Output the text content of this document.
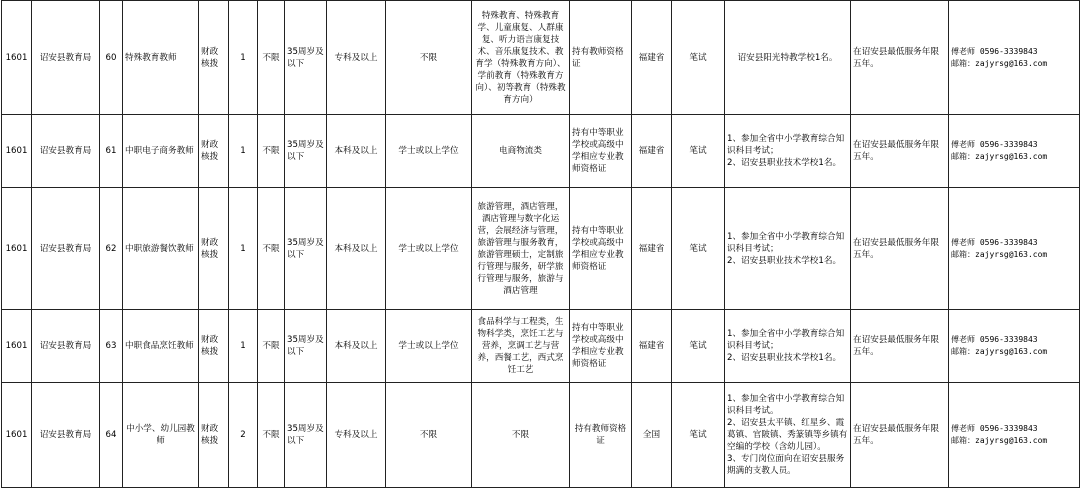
1601	诏安县教育局	60	特殊教育教师	财政核拨	1	不限	35周岁及以下	专科及以上	不限	特殊教育、特殊教育学、儿童康复、人群康复、听力语言康复技术、音乐康复技术、教育学（特殊教育方向）、学前教育（特殊教育方向）、初等教育（特殊教育方向）	持有教师资格证	福建省	笔试	诏安县阳光特教学校1名。	在诏安县最低服务年限五年。	傅老师 0596-3339843
邮箱：zajyrsg@163.com

1601	诏安县教育局	61	中职电子商务教师	财政核拨	1	不限	35周岁及以下	本科及以上	学士或以上学位	电商物流类	持有中等职业学校或高级中学相应专业教师资格证	福建省	笔试	1、参加全省中小学教育综合知识科目考试；
2、诏安县职业技术学校1名。	在诏安县最低服务年限五年。	傅老师 0596-3339843
邮箱：zajyrsg@163.com

1601	诏安县教育局	62	中职旅游餐饮教师	财政核拨	1	不限	35周岁及以下	本科及以上	学士或以上学位	旅游管理，酒店管理，酒店管理与数字化运营，会展经济与管理，旅游管理与服务教育，旅游管理硕士，定制旅行管理与服务，研学旅行管理与服务，旅游与酒店管理	持有中等职业学校或高级中学相应专业教师资格证	福建省	笔试	1、参加全省中小学教育综合知识科目考试；
2、诏安县职业技术学校1名。	在诏安县最低服务年限五年。	傅老师 0596-3339843
邮箱：zajyrsg@163.com

1601	诏安县教育局	63	中职食品烹饪教师	财政核拨	1	不限	35周岁及以下	本科及以上	学士或以上学位	食品科学与工程类，生物科学类，烹饪工艺与营养，烹调工艺与营养，西餐工艺，西式烹饪工艺	持有中等职业学校或高级中学相应专业教师资格证	福建省	笔试	1、参加全省中小学教育综合知识科目考试；
2、诏安县职业技术学校1名。	在诏安县最低服务年限五年。	傅老师 0596-3339843
邮箱：zajyrsg@163.com

1601	诏安县教育局	64	中小学、幼儿园教师	财政核拨	2	不限	35周岁及以下	专科及以上	不限	不限	持有教师资格证	全国	笔试	1、参加全省中小学教育综合知识科目考试。
2、诏安县太平镇、红星乡、霞葛镇、官陂镇、秀篆镇等乡镇有空编的学校（含幼儿园）。
3、专门岗位面向在诏安县服务期满的支教人员。	在诏安县最低服务年限五年。	傅老师 0596-3339843
邮箱：zajyrsg@163.com
